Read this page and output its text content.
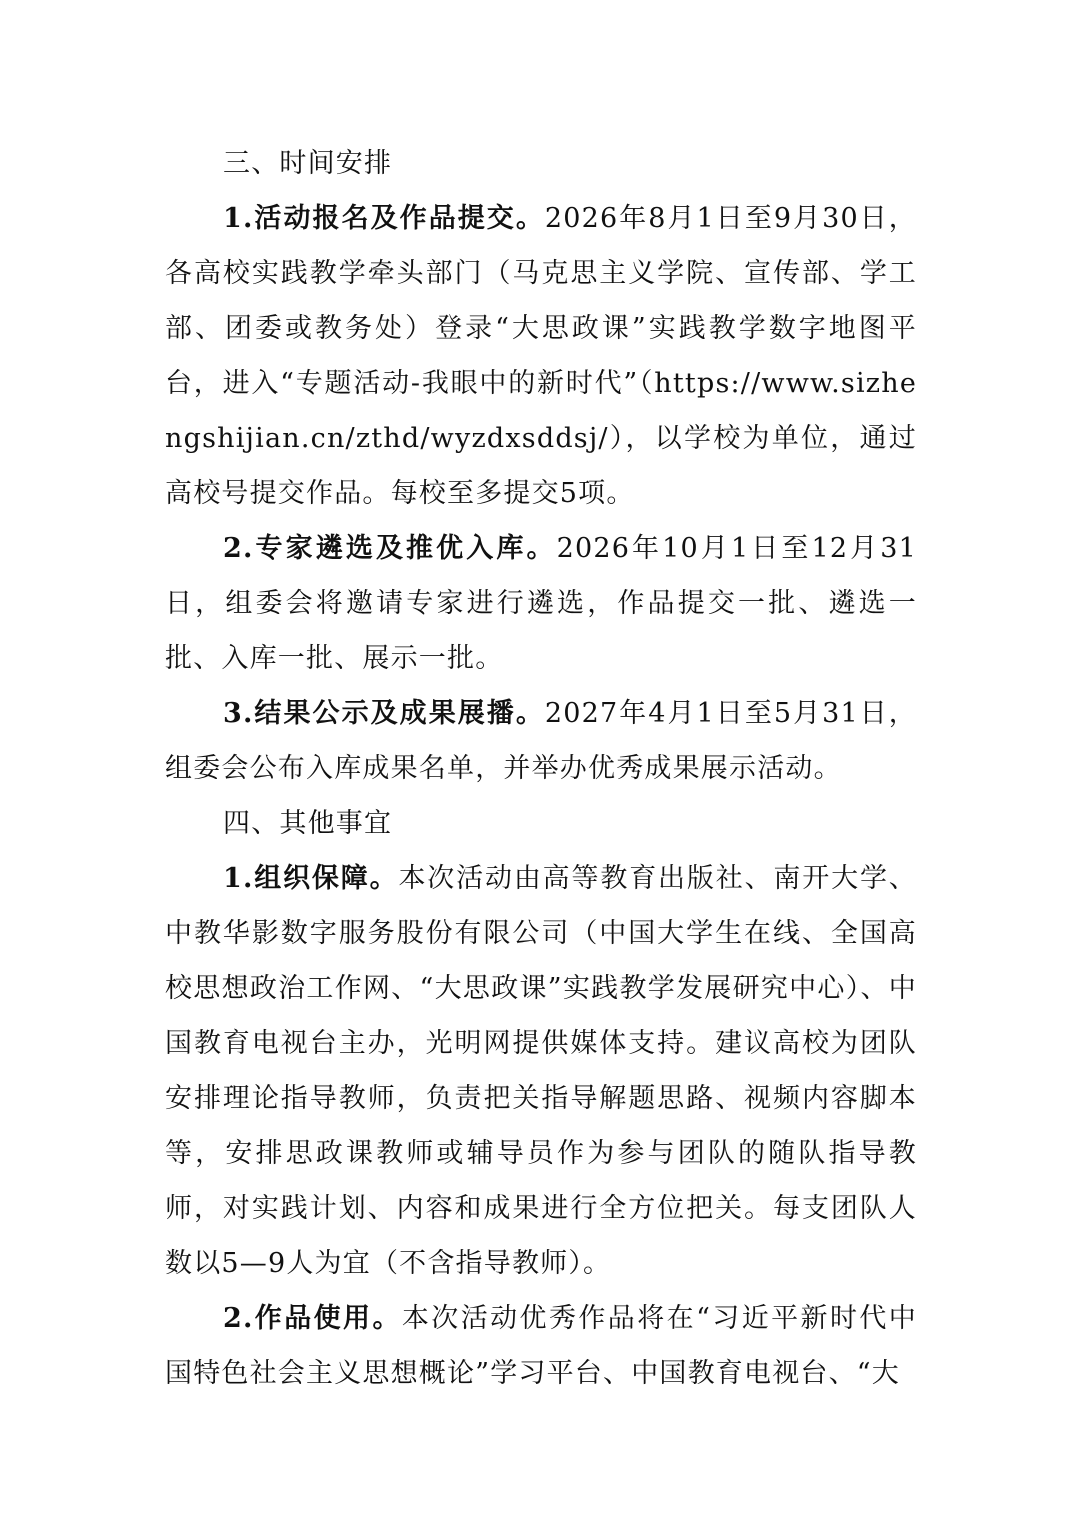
三、时间安排

1.活动报名及作品提交。2026年8月1日至9月30日，各高校实践教学牵头部门（马克思主义学院、宣传部、学工部、团委或教务处）登录“大思政课”实践教学数字地图平台，进入“专题活动-我眼中的新时代”（https://www.sizhengshijian.cn/zthd/wyzdxsddsj/），以学校为单位，通过高校号提交作品。每校至多提交5项。

2.专家遴选及推优入库。2026年10月1日至12月31日，组委会将邀请专家进行遴选，作品提交一批、遴选一批、入库一批、展示一批。

3.结果公示及成果展播。2027年4月1日至5月31日，组委会公布入库成果名单，并举办优秀成果展示活动。

四、其他事宜

1.组织保障。本次活动由高等教育出版社、南开大学、中教华影数字服务股份有限公司（中国大学生在线、全国高校思想政治工作网、“大思政课”实践教学发展研究中心）、中国教育电视台主办，光明网提供媒体支持。建议高校为团队安排理论指导教师，负责把关指导解题思路、视频内容脚本等，安排思政课教师或辅导员作为参与团队的随队指导教师，对实践计划、内容和成果进行全方位把关。每支团队人数以5—9人为宜（不含指导教师）。

2.作品使用。本次活动优秀作品将在“习近平新时代中国特色社会主义思想概论”学习平台、中国教育电视台、“大
